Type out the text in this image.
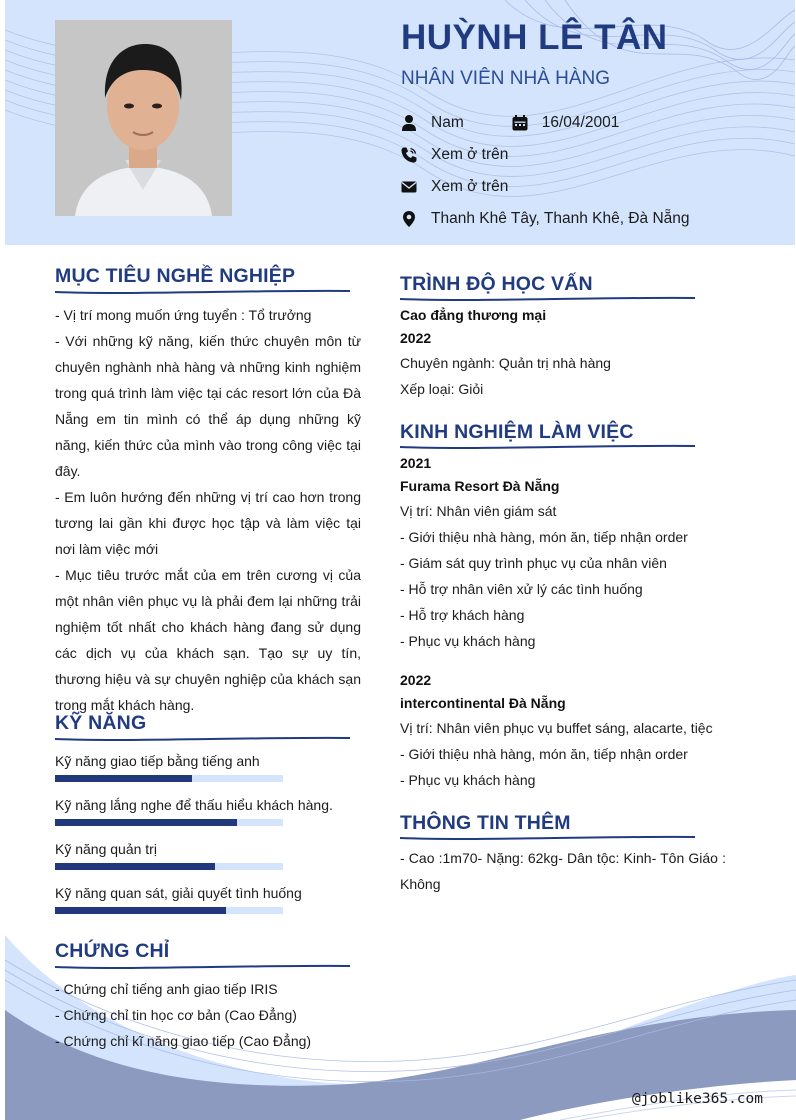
HUỲNH LÊ TÂN
NHÂN VIÊN NHÀ HÀNG
Nam	16/04/2001
Xem ở trên
Xem ở trên
Thanh Khê Tây, Thanh Khê, Đà Nẵng
@joblike365.com
MỤC TIÊU NGHỀ NGHIỆP

- Vị trí mong muốn ứng tuyển : Tổ trưởng

- Với những kỹ năng, kiến thức chuyên môn từ chuyên nghành nhà hàng và những kinh nghiệm trong quá trình làm việc tại các resort lớn của Đà Nẵng em tin mình có thể áp dụng những kỹ năng, kiến thức của mình vào trong công việc tại đây.

- Em luôn hướng đến những vị trí cao hơn trong tương lai gần khi được học tập và làm việc tại nơi làm việc mới

- Mục tiêu trước mắt của em trên cương vị của một nhân viên phục vụ là phải đem lại những trải nghiệm tốt nhất cho khách hàng đang sử dụng các dịch vụ của khách sạn. Tạo sự uy tín, thương hiệu và sự chuyên nghiệp của khách sạn trong mắt khách hàng.

KỸ NĂNG
Kỹ năng giao tiếp bằng tiếng anh
Kỹ năng lắng nghe để thấu hiểu khách hàng.
Kỹ năng quản trị
Kỹ năng quan sát, giải quyết tình huống
CHỨNG CHỈ
- Chứng chỉ tiếng anh giao tiếp IRIS
- Chứng chỉ tin học cơ bản (Cao Đẳng)
- Chứng chỉ kĩ năng giao tiếp (Cao Đẳng)
TRÌNH ĐỘ HỌC VẤN
Cao đẳng thương mại
2022
Chuyên ngành: Quản trị nhà hàng
Xếp loại: Giỏi
KINH NGHIỆM LÀM VIỆC
2021
Furama Resort Đà Nẵng
Vị trí: Nhân viên giám sát
- Giới thiệu nhà hàng, món ăn, tiếp nhận order
- Giám sát quy trình phục vụ của nhân viên
- Hỗ trợ nhân viên xử lý các tình huống
- Hỗ trợ khách hàng
- Phục vụ khách hàng
2022
intercontinental Đà Nẵng
Vị trí: Nhân viên phục vụ buffet sáng, alacarte, tiệc
- Giới thiệu nhà hàng, món ăn, tiếp nhận order
- Phục vụ khách hàng
THÔNG TIN THÊM
- Cao :1m70- Nặng: 62kg- Dân tộc: Kinh- Tôn Giáo : Không
